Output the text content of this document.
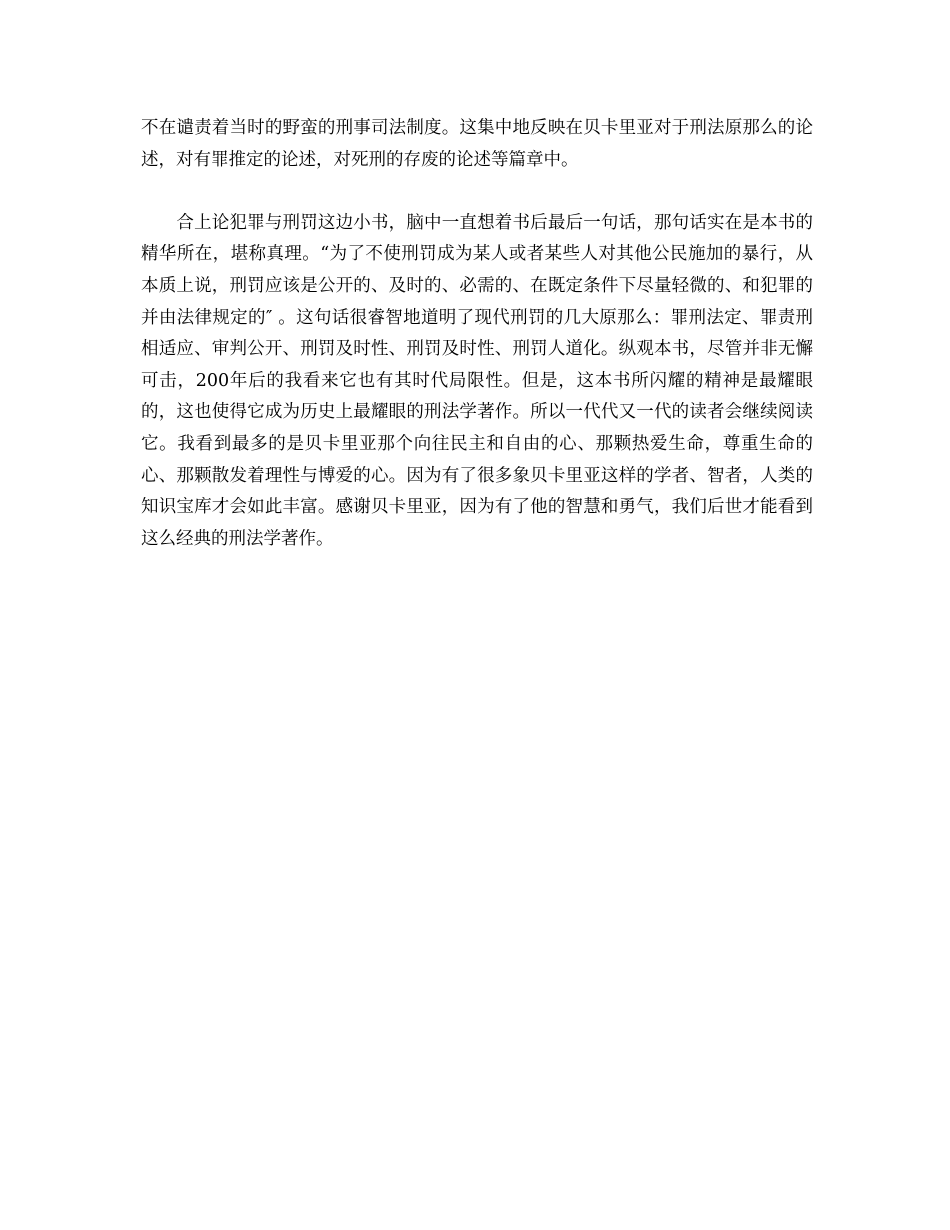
不在谴责着当时的野蛮的刑事司法制度。这集中地反映在贝卡里亚对于刑法原那么的论述，对有罪推定的论述，对死刑的存废的论述等篇章中。

　　合上论犯罪与刑罚这边小书，脑中一直想着书后最后一句话，那句话实在是本书的精华所在，堪称真理。“为了不使刑罚成为某人或者某些人对其他公民施加的暴行，从本质上说，刑罚应该是公开的、及时的、必需的、在既定条件下尽量轻微的、和犯罪的并由法律规定的″ 。这句话很睿智地道明了现代刑罚的几大原那么：罪刑法定、罪责刑相适应、审判公开、刑罚及时性、刑罚及时性、刑罚人道化。纵观本书，尽管并非无懈可击，200年后的我看来它也有其时代局限性。但是，这本书所闪耀的精神是最耀眼的，这也使得它成为历史上最耀眼的刑法学著作。所以一代代又一代的读者会继续阅读它。我看到最多的是贝卡里亚那个向往民主和自由的心、那颗热爱生命，尊重生命的心、那颗散发着理性与博爱的心。因为有了很多象贝卡里亚这样的学者、智者，人类的知识宝库才会如此丰富。感谢贝卡里亚，因为有了他的智慧和勇气，我们后世才能看到这么经典的刑法学著作。
